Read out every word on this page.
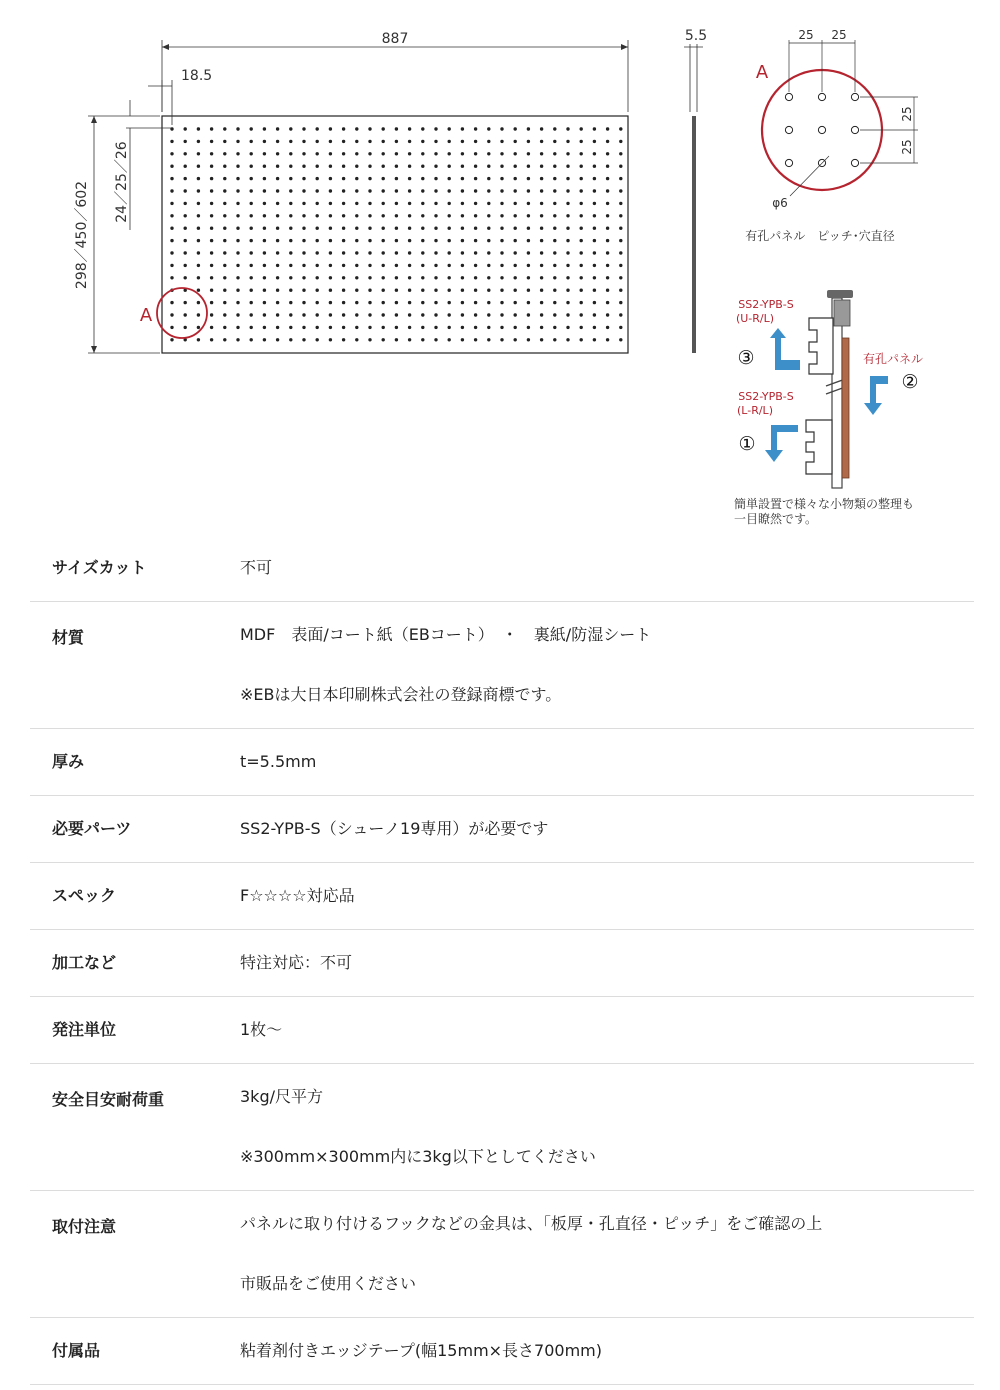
887
18.5
298／450／602 24／25／26
A
5.5	25 25
25
25
φ6
A
有孔パネル　ピッチ･穴直径
SS2-YPB-S
(U-R/L)
SS2-YPB-S
(L-R/L)
有孔パネル
③
②
①
簡単設置で様々な小物類の整理も
一目瞭然です。
サイズカット	不可

材質	MDF　表面/コート紙（EBコート）　・　裏紙/防湿シート

※EBは大日本印刷株式会社の登録商標です。

厚み	t=5.5mm

必要パーツ	SS2-YPB-S（シューノ19専用）が必要です

スペック	F☆☆☆☆対応品

加工など	特注対応：不可

発注単位	1枚〜

安全目安耐荷重	3kg/尺平方

※300mm×300mm内に3kg以下としてください

取付注意	パネルに取り付けるフックなどの金具は、「板厚・孔直径・ピッチ」をご確認の上

市販品をご使用ください

付属品	粘着剤付きエッジテープ(幅15mm×長さ700mm)
